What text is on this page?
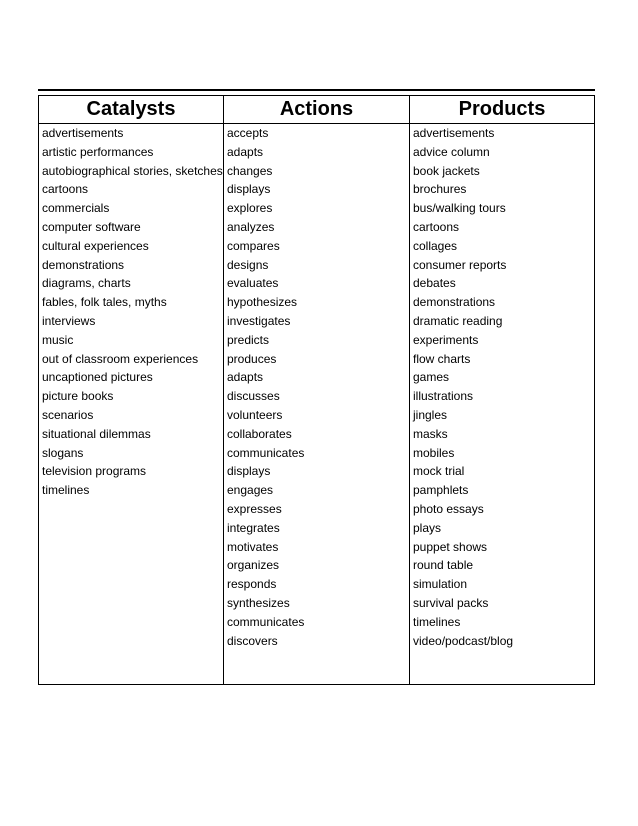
Catalysts	Actions	Products
advertisements
artistic performances
autobiographical stories, sketches
cartoons
commercials
computer software
cultural experiences
demonstrations
diagrams, charts
fables, folk tales, myths
interviews
music
out of classroom experiences
uncaptioned pictures
picture books
scenarios
situational dilemmas
slogans
television programs
timelines
accepts
adapts
changes
displays
explores
analyzes
compares
designs
evaluates
hypothesizes
investigates
predicts
produces
adapts
discusses
volunteers
collaborates
communicates
displays
engages
expresses
integrates
motivates
organizes
responds
synthesizes
communicates
discovers
advertisements
advice column
book jackets
brochures
bus/walking tours
cartoons
collages
consumer reports
debates
demonstrations
dramatic reading
experiments
flow charts
games
illustrations
jingles
masks
mobiles
mock trial
pamphlets
photo essays
plays
puppet shows
round table
simulation
survival packs
timelines
video/podcast/blog
